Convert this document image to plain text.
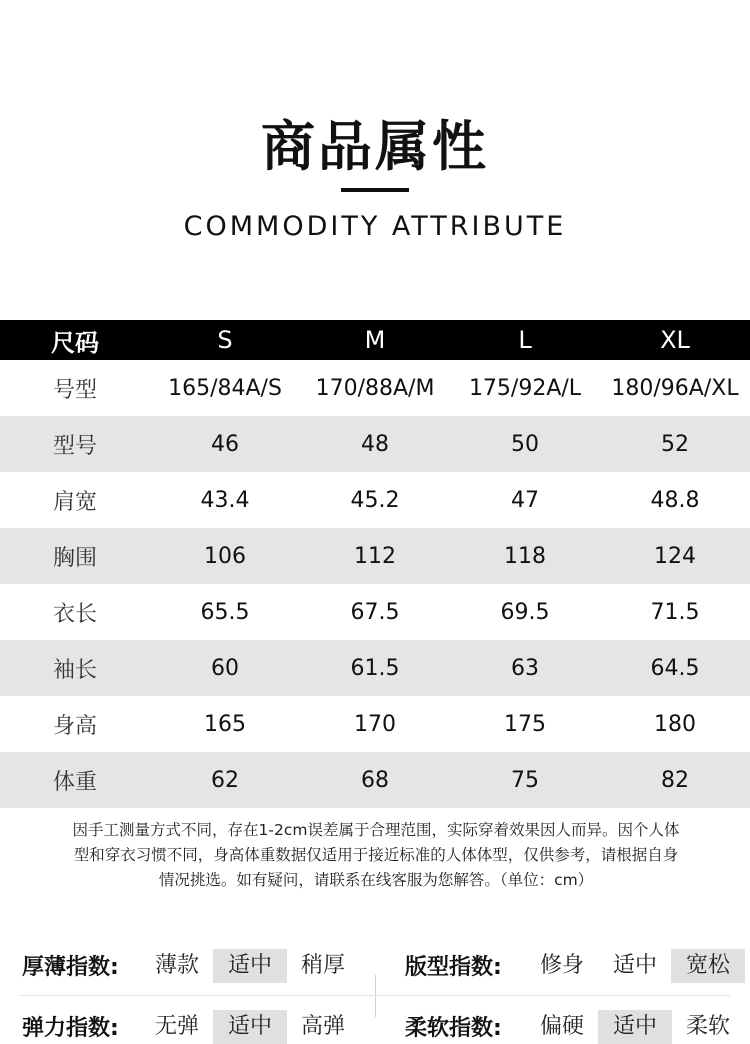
商品属性
COMMODITY ATTRIBUTE
尺码	S	M	L	XL
号型	165/84A/S	170/88A/M	175/92A/L	180/96A/XL
型号	46	48	50	52
肩宽	43.4	45.2	47	48.8
胸围	106	112	118	124
衣长	65.5	67.5	69.5	71.5
袖长	60	61.5	63	64.5
身高	165	170	175	180
体重	62	68	75	82
因手工测量方式不同，存在1-2cm误差属于合理范围，实际穿着效果因人而异。因个人体
型和穿衣习惯不同，身高体重数据仅适用于接近标准的人体体型，仅供参考，请根据自身
情况挑选。如有疑问，请联系在线客服为您解答。（单位：cm）
厚薄指数:	薄款	适中	稍厚	版型指数:	修身	适中	宽松
弹力指数:	无弹	适中	高弹	柔软指数:	偏硬	适中	柔软
